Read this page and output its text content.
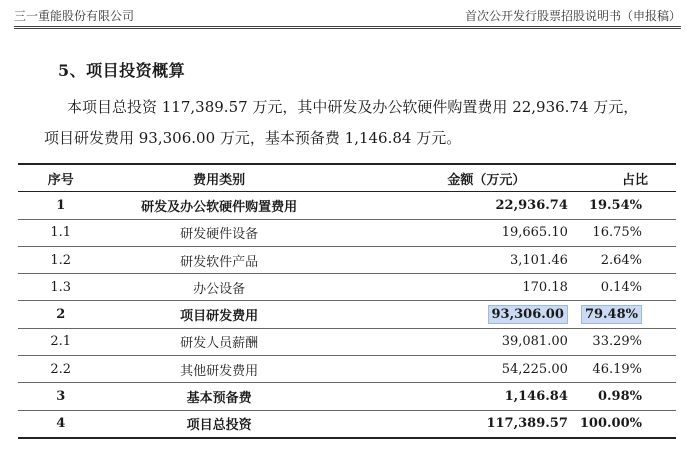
三一重能股份有限公司	首次公开发行股票招股说明书（申报稿）
5、项目投资概算
本项目总投资 117,389.57 万元，其中研发及办公软硬件购置费用 22,936.74 万元，
项目研发费用 93,306.00 万元，基本预备费 1,146.84 万元。
序号	费用类别	金额（万元）	占比
1	研发及办公软硬件购置费用	22,936.74	19.54%
1.1	研发硬件设备	19,665.10	16.75%
1.2	研发软件产品	3,101.46	2.64%
1.3	办公设备	170.18	0.14%
2	项目研发费用	93,306.00	79.48%
2.1	研发人员薪酬	39,081.00	33.29%
2.2	其他研发费用	54,225.00	46.19%
3	基本预备费	1,146.84	0.98%
4	项目总投资	117,389.57	100.00%
